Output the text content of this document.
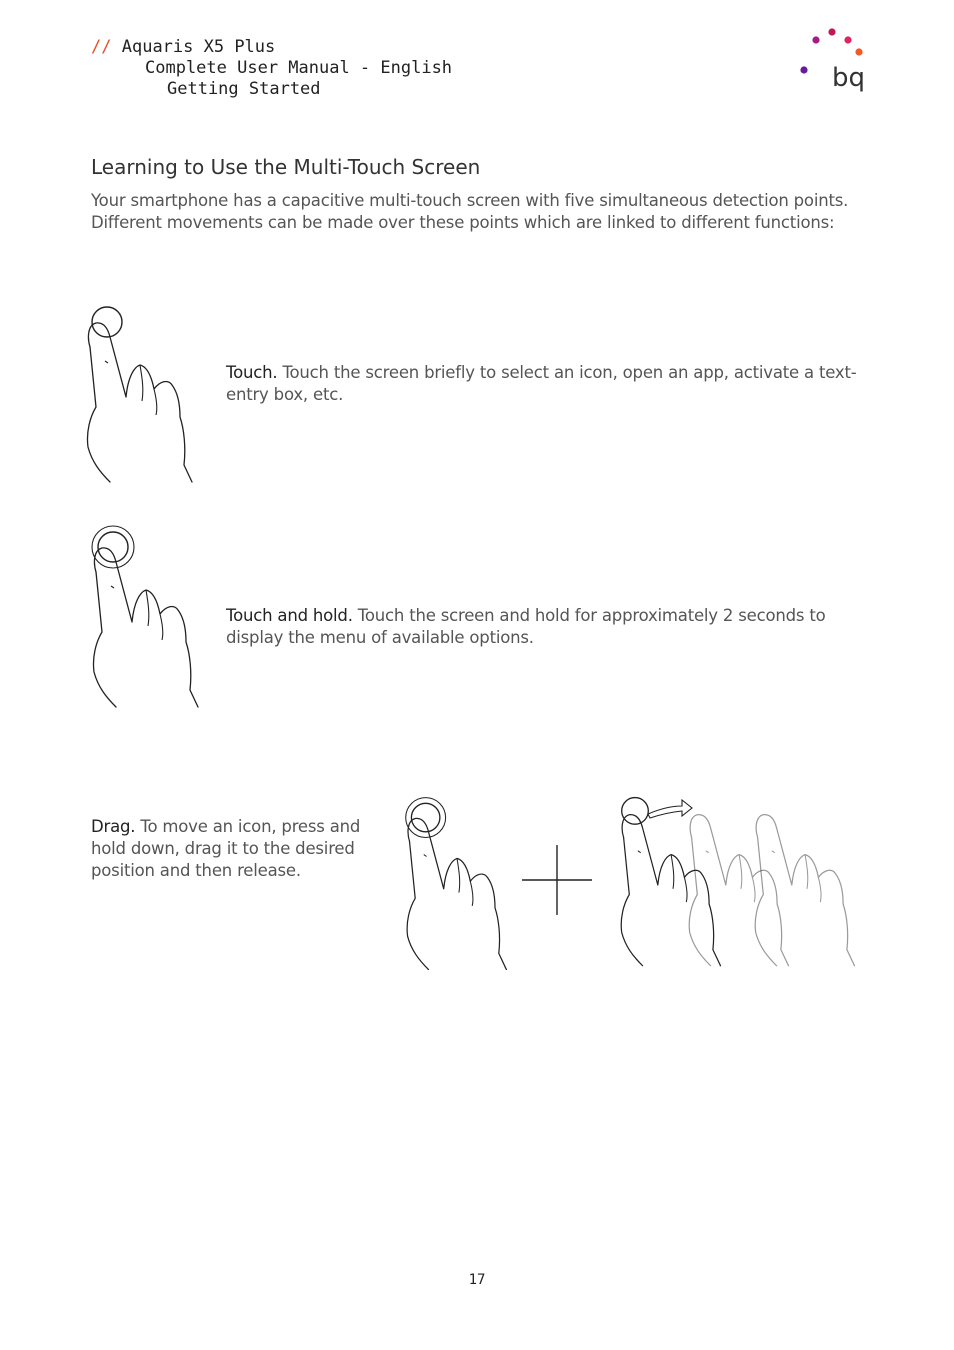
// Aquaris X5 Plus
Complete User Manual - English
Getting Started	bq
Learning to Use the Multi-Touch Screen

Your smartphone has a capacitive multi-touch screen with five simultaneous detection points. Different movements can be made over these points which are linked to different functions:

Touch. Touch the screen briefly to select an icon, open an app, activate a text-entry box, etc.

Touch and hold. Touch the screen and hold for approximately 2 seconds to display the menu of available options.

Drag. To move an icon, press and hold down, drag it to the desired position and then release.

17
